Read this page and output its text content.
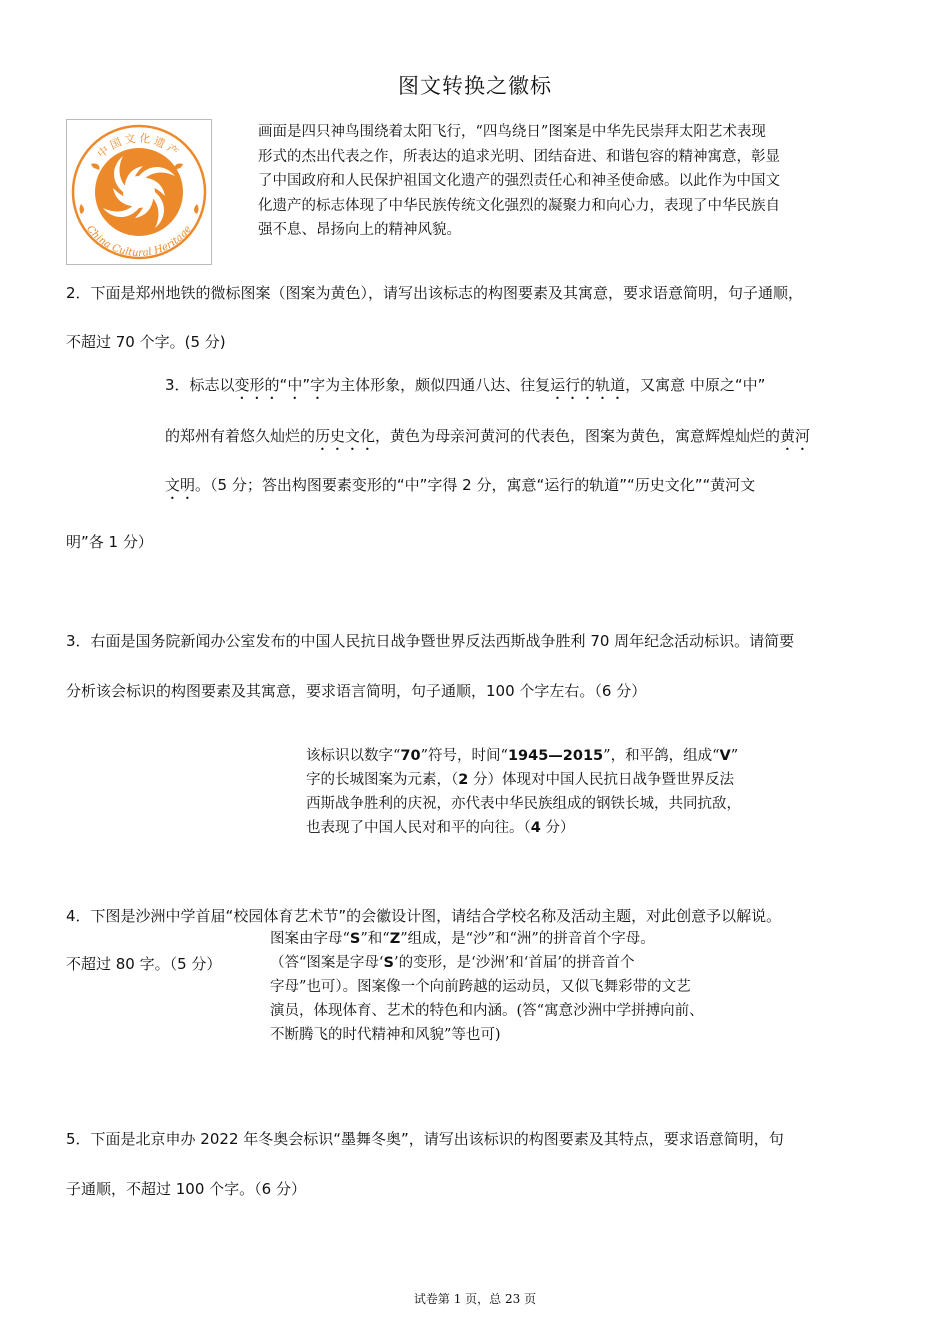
图文转换之徽标
中国文化遗产
China Cultural Heritage
画面是四只神鸟围绕着太阳飞行，“四鸟绕日”图案是中华先民崇拜太阳艺术表现
形式的杰出代表之作，所表达的追求光明、团结奋进、和谐包容的精神寓意，彰显
了中国政府和人民保护祖国文化遗产的强烈责任心和神圣使命感。以此作为中国文
化遗产的标志体现了中华民族传统文化强烈的凝聚力和向心力，表现了中华民族自
强不息、昂扬向上的精神风貌。
2．下面是郑州地铁的微标图案（图案为黄色），请写出该标志的构图要素及其寓意，要求语意简明，句子通顺，
不超过 70 个字。(5 分)
3．标志以变形的“中”字为主体形象，颇似四通八达、往复运行的轨道，又寓意 中原之“中”
的郑州有着悠久灿烂的历史文化，黄色为母亲河黄河的代表色，图案为黄色，寓意辉煌灿烂的黄河
文明。（5 分；答出构图要素变形的“中”字得 2 分，寓意“运行的轨道”“历史文化”“黄河文
明”各 1 分）
3．右面是国务院新闻办公室发布的中国人民抗日战争暨世界反法西斯战争胜利 70 周年纪念活动标识。请简要
分析该会标识的构图要素及其寓意，要求语言简明，句子通顺，100 个字左右。（6 分）
该标识以数字“70”符号，时间“1945—2015”，和平鸽，组成“V”
字的长城图案为元素，（2 分）体现对中国人民抗日战争暨世界反法
西斯战争胜利的庆祝，亦代表中华民族组成的钢铁长城，共同抗敌，
也表现了中国人民对和平的向往。（4 分）
4．下图是沙洲中学首届“校园体育艺术节”的会徽设计图，请结合学校名称及活动主题，对此创意予以解说。
不超过 80 字。（5 分）
图案由字母“S”和“Z”组成，是“沙”和“洲”的拼音首个字母。
（答“图案是字母‘S’的变形，是‘沙洲’和‘首届’的拼音首个
字母”也可）。图案像一个向前跨越的运动员，又似飞舞彩带的文艺
演员，体现体育、艺术的特色和内涵。(答“寓意沙洲中学拼搏向前、
不断腾飞的时代精神和风貌”等也可)
5．下面是北京申办 2022 年冬奥会标识“墨舞冬奥”，请写出该标识的构图要素及其特点，要求语意简明，句
子通顺，不超过 100 个字。（6 分）
试卷第 1 页，总 23 页
